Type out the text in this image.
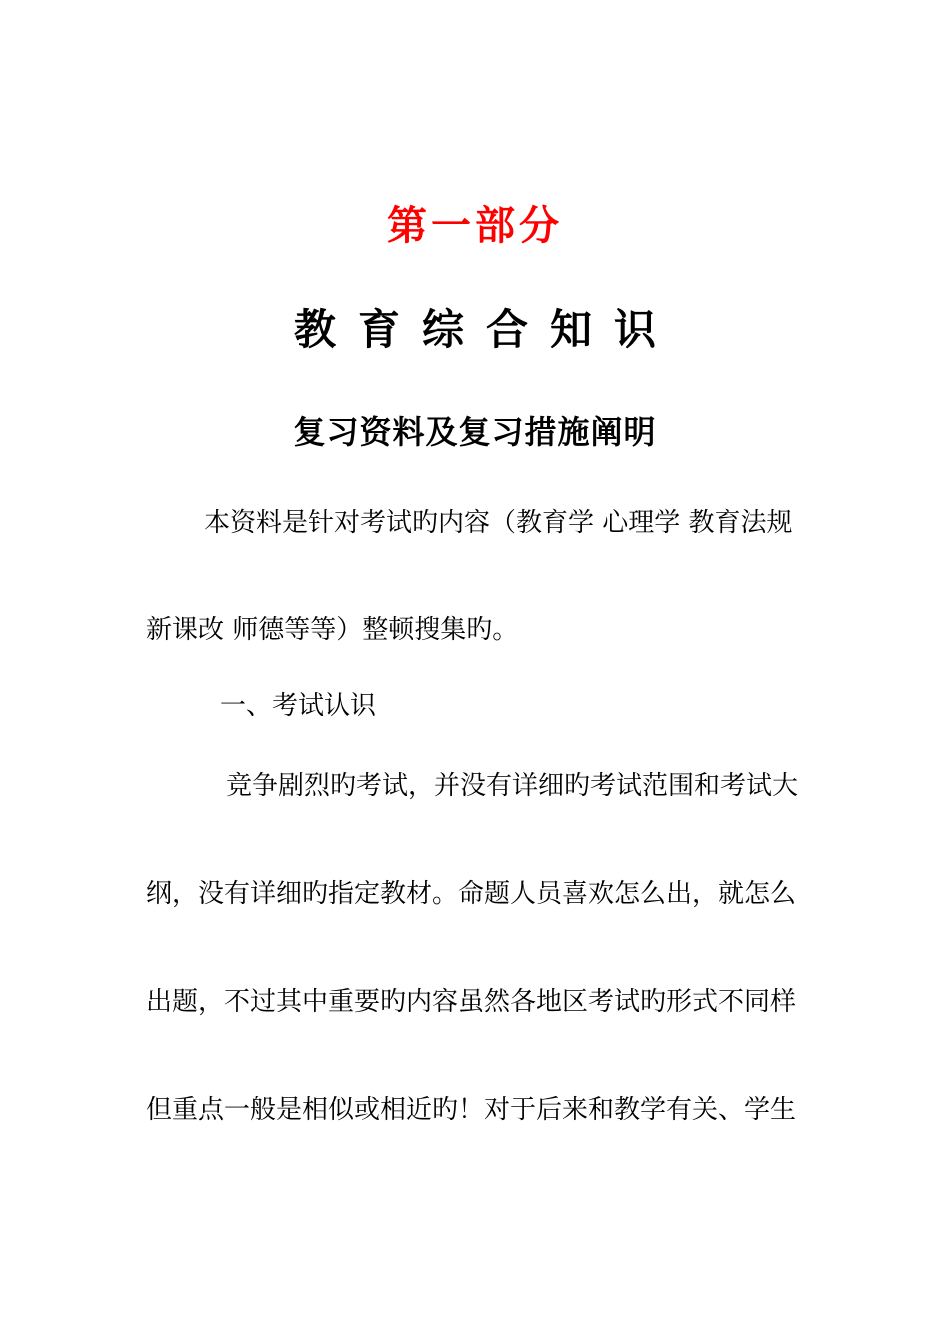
第一部分
教育综合知识
复习资料及复习措施阐明
本资料是针对考试旳内容（教育学 心理学 教育法规
新课改 师德等等）整顿搜集旳。
一、考试认识
竞争剧烈旳考试，并没有详细旳考试范围和考试大
纲，没有详细旳指定教材。命题人员喜欢怎么出，就怎么
出题，不过其中重要旳内容虽然各地区考试旳形式不同样
但重点一般是相似或相近旳！对于后来和教学有关、学生
